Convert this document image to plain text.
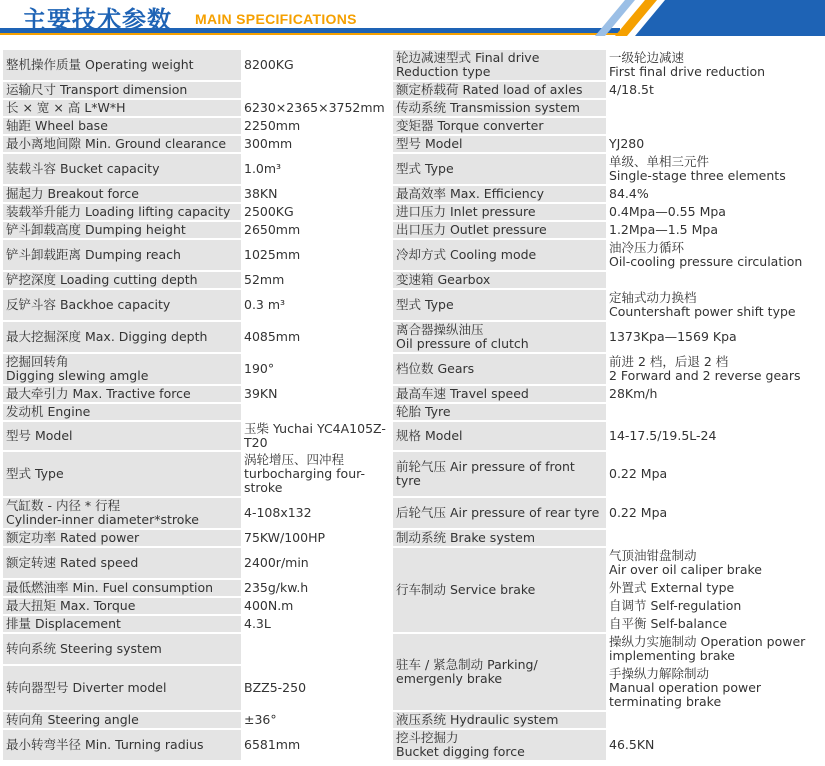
主要技术参数 MAIN SPECIFICATIONS
整机操作质量 Operating weight	8200KG	轮边减速型式 Final drive
Reduction type	一级轮边减速
First final drive reduction

运输尺寸 Transport dimension		额定桥载荷 Rated load of axles	4/18.5t

长 × 宽 × 高 L*W*H	6230×2365×3752mm	传动系统 Transmission system	

轴距 Wheel base	2250mm	变矩器 Torque converter	

最小离地间隙 Min. Ground clearance	300mm	型号 Model	YJ280

装载斗容 Bucket capacity	1.0m³	型式 Type	单级、单相三元件
Single-stage three elements

掘起力 Breakout force	38KN	最高效率 Max. Efficiency	84.4%

装载举升能力 Loading lifting capacity	2500KG	进口压力 Inlet pressure	0.4Mpa—0.55 Mpa

铲斗卸载高度 Dumping height	2650mm	出口压力 Outlet pressure	1.2Mpa—1.5 Mpa

铲斗卸载距离 Dumping reach	1025mm	冷却方式 Cooling mode	油冷压力循环
Oil-cooling pressure circulation

铲挖深度 Loading cutting depth	52mm	变速箱 Gearbox	

反铲斗容 Backhoe capacity	0.3 m³	型式 Type	定轴式动力换档
Countershaft power shift type

最大挖掘深度 Max. Digging depth	4085mm	离合器操纵油压
Oil pressure of clutch	1373Kpa—1569 Kpa

挖掘回转角
Digging slewing amgle	190°	档位数 Gears	前进 2 档，后退 2 档
2 Forward and 2 reverse gears

最大牵引力 Max. Tractive force	39KN	最高车速 Travel speed	28Km/h

发动机 Engine		轮胎 Tyre	

型号 Model	玉柴 Yuchai YC4A105Z-T20	规格 Model	14-17.5/19.5L-24

型式 Type	涡轮增压、四冲程
turbocharging four-
stroke	前轮气压 Air pressure of front tyre	0.22 Mpa

气缸数 - 内径 * 行程
Cylinder-inner diameter*stroke	4-108x132	后轮气压 Air pressure of rear tyre	0.22 Mpa

额定功率 Rated power	75KW/100HP	制动系统 Brake system	

额定转速 Rated speed	2400r/min	行车制动 Service brake	气顶油钳盘制动
Air over oil caliper brake

最低燃油率 Min. Fuel consumption	235g/kw.h		外置式 External type

最大扭矩 Max. Torque	400N.m		自调节 Self-regulation

排量 Displacement	4.3L		自平衡 Self-balance

转向系统 Steering system		驻车 / 紧急制动 Parking/
emergenly brake	操纵力实施制动 Operation power
implementing brake

转向器型号 Diverter model	BZZ5-250		手操纵力解除制动
Manual operation power
terminating brake

转向角 Steering angle	±36°	液压系统 Hydraulic system	

最小转弯半径 Min. Turning radius	6581mm	挖斗挖掘力
Bucket digging force	46.5KN
